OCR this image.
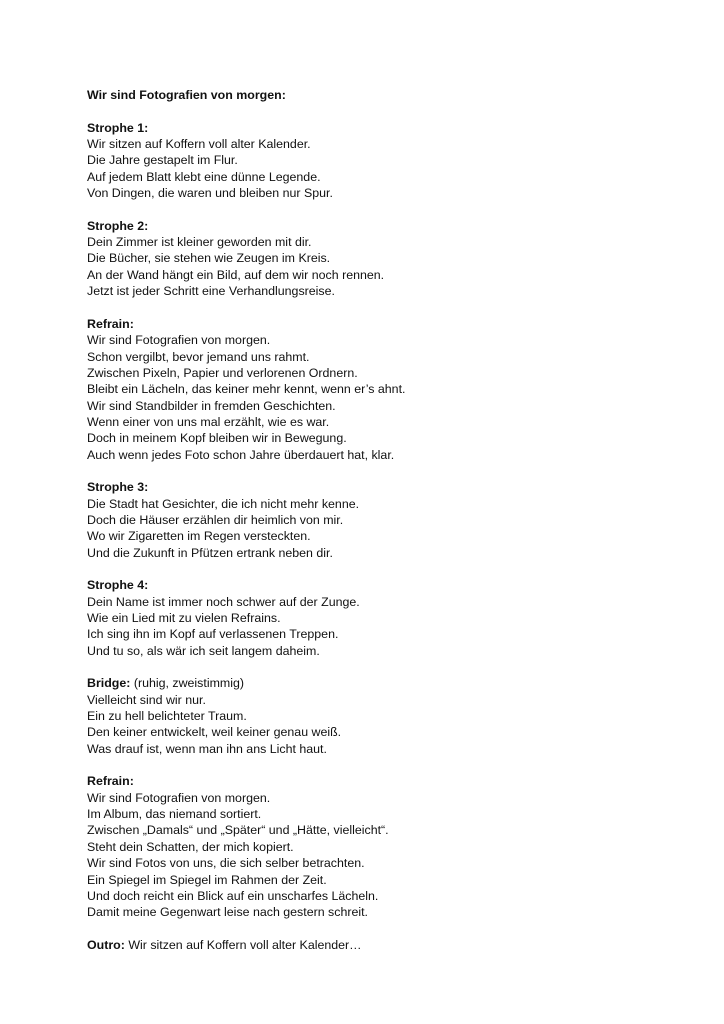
Wir sind Fotografien von morgen:
Strophe 1:
Wir sitzen auf Koffern voll alter Kalender.
Die Jahre gestapelt im Flur.
Auf jedem Blatt klebt eine dünne Legende.
Von Dingen, die waren und bleiben nur Spur.
Strophe 2:
Dein Zimmer ist kleiner geworden mit dir.
Die Bücher, sie stehen wie Zeugen im Kreis.
An der Wand hängt ein Bild, auf dem wir noch rennen.
Jetzt ist jeder Schritt eine Verhandlungsreise.
Refrain:
Wir sind Fotografien von morgen.
Schon vergilbt, bevor jemand uns rahmt.
Zwischen Pixeln, Papier und verlorenen Ordnern.
Bleibt ein Lächeln, das keiner mehr kennt, wenn er’s ahnt.
Wir sind Standbilder in fremden Geschichten.
Wenn einer von uns mal erzählt, wie es war.
Doch in meinem Kopf bleiben wir in Bewegung.
Auch wenn jedes Foto schon Jahre überdauert hat, klar.
Strophe 3:
Die Stadt hat Gesichter, die ich nicht mehr kenne.
Doch die Häuser erzählen dir heimlich von mir.
Wo wir Zigaretten im Regen versteckten.
Und die Zukunft in Pfützen ertrank neben dir.
Strophe 4:
Dein Name ist immer noch schwer auf der Zunge.
Wie ein Lied mit zu vielen Refrains.
Ich sing ihn im Kopf auf verlassenen Treppen.
Und tu so, als wär ich seit langem daheim.
Bridge: (ruhig, zweistimmig)
Vielleicht sind wir nur.
Ein zu hell belichteter Traum.
Den keiner entwickelt, weil keiner genau weiß.
Was drauf ist, wenn man ihn ans Licht haut.
Refrain:
Wir sind Fotografien von morgen.
Im Album, das niemand sortiert.
Zwischen „Damals“ und „Später“ und „Hätte, vielleicht“.
Steht dein Schatten, der mich kopiert.
Wir sind Fotos von uns, die sich selber betrachten.
Ein Spiegel im Spiegel im Rahmen der Zeit.
Und doch reicht ein Blick auf ein unscharfes Lächeln.
Damit meine Gegenwart leise nach gestern schreit.
Outro: Wir sitzen auf Koffern voll alter Kalender…
